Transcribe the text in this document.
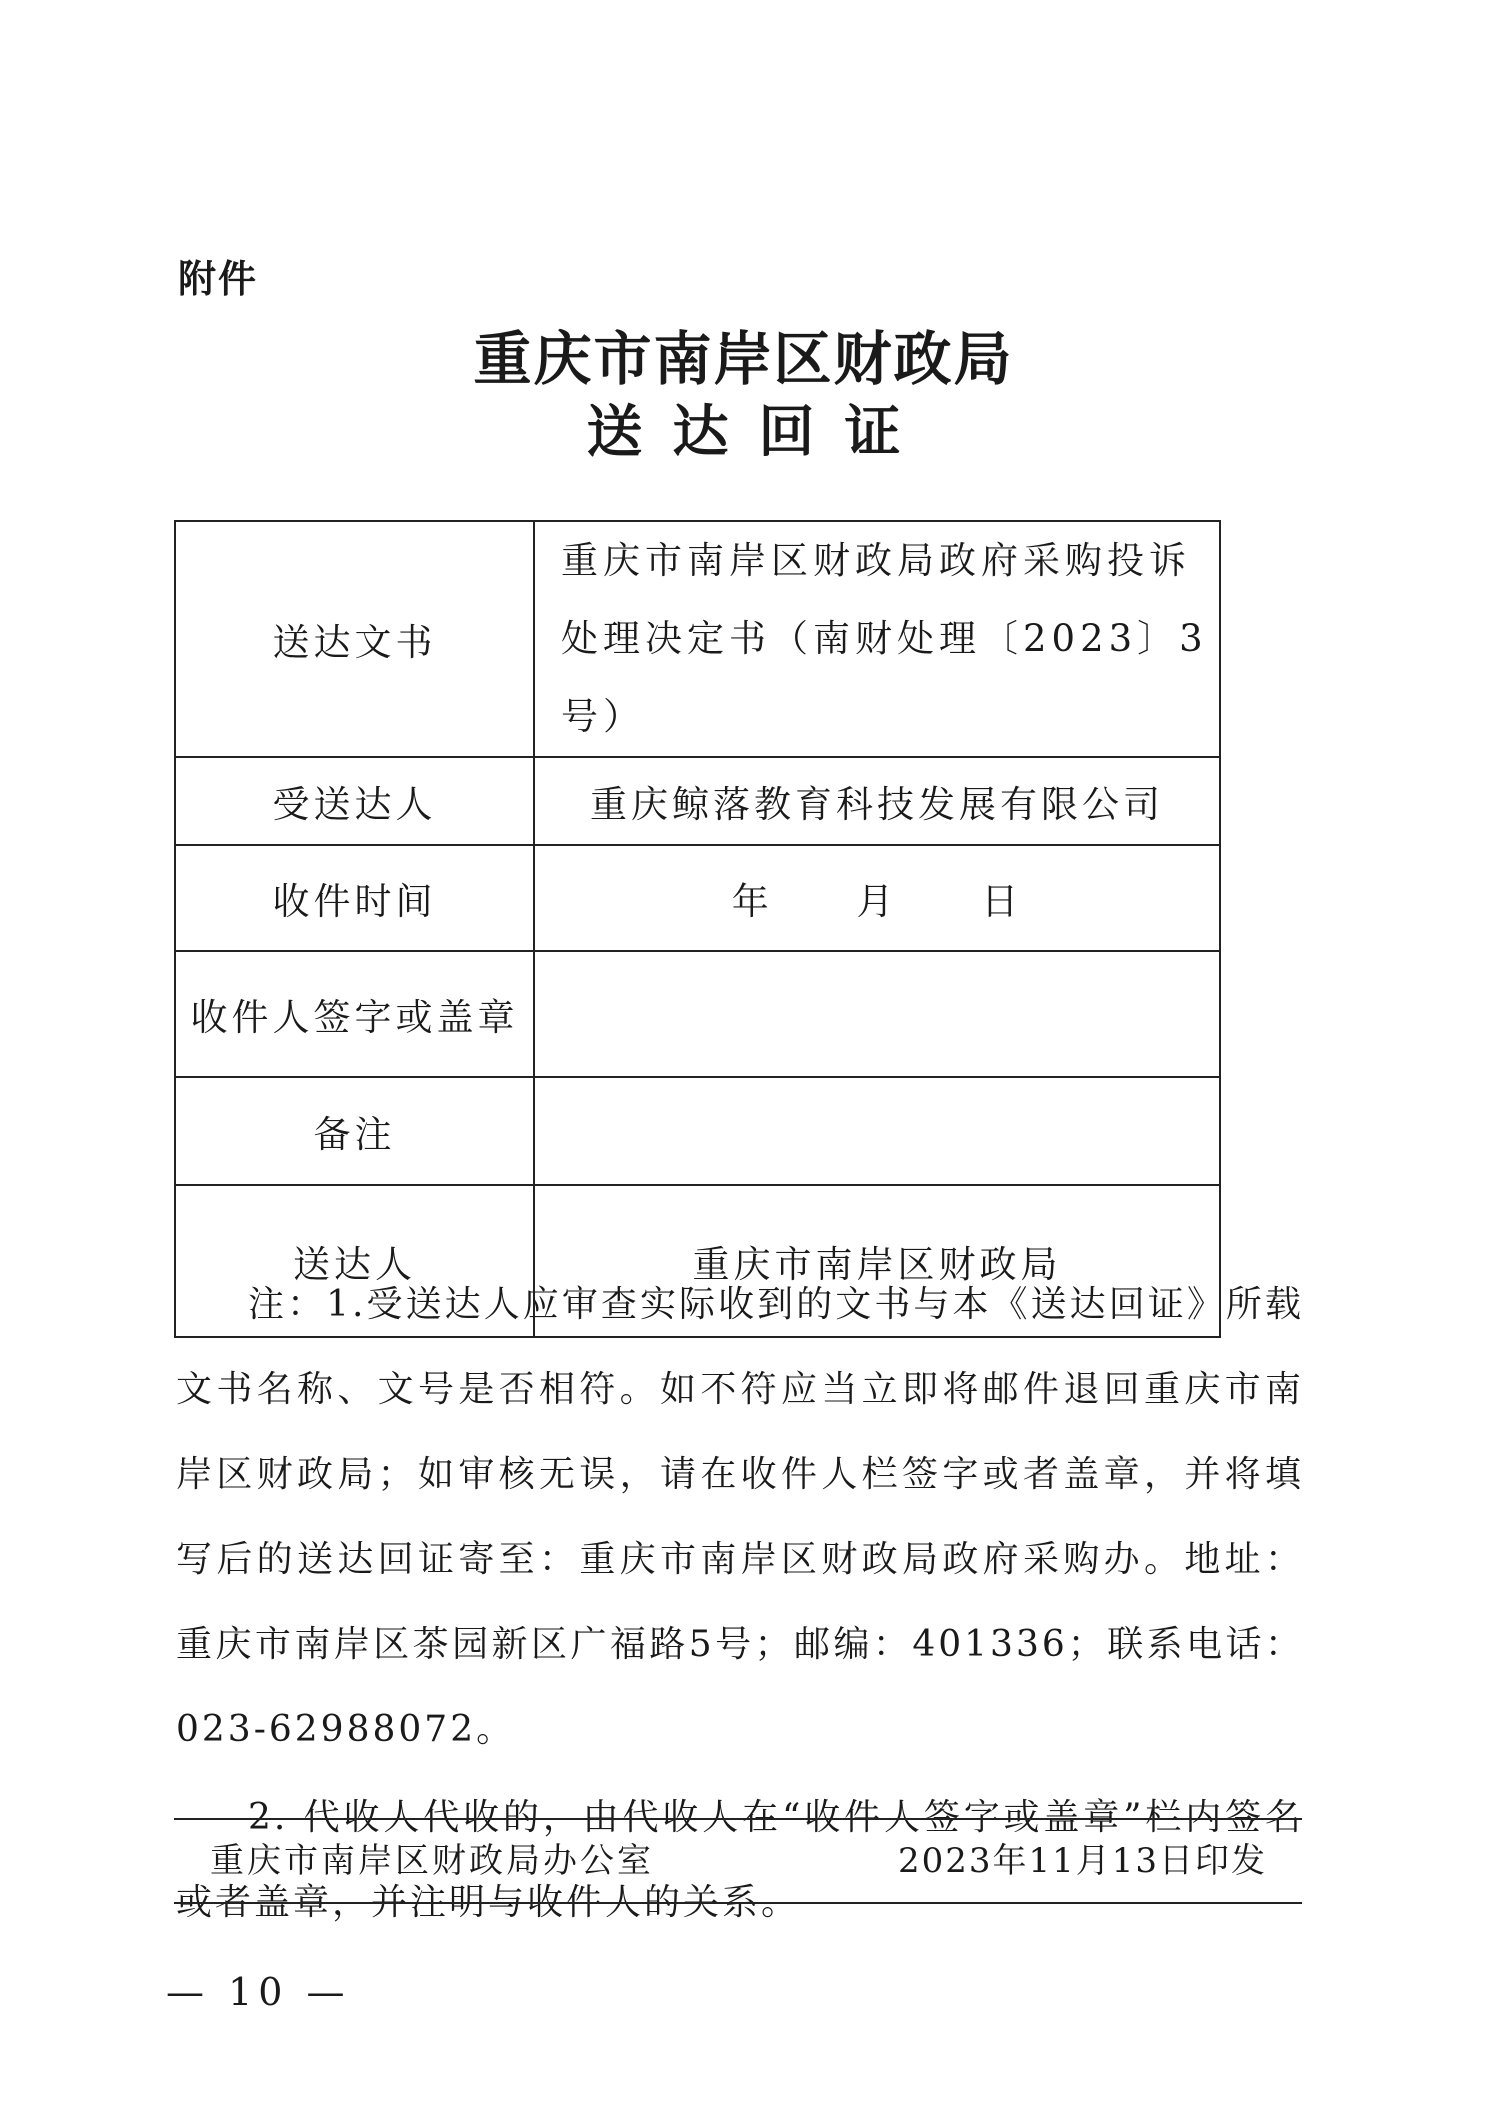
附件
重庆市南岸区财政局
送达回证
送达文书	重庆市南岸区财政局政府采购投诉处理决定书（南财处理〔2023〕3号）
受送达人	重庆鲸落教育科技发展有限公司
收件时间	年 月 日
收件人签字或盖章	
备注	
送达人	重庆市南岸区财政局

注：1.受送达人应审查实际收到的文书与本《送达回证》所载文书名称、文号是否相符。如不符应当立即将邮件退回重庆市南岸区财政局；如审核无误，请在收件人栏签字或者盖章，并将填写后的送达回证寄至：重庆市南岸区财政局政府采购办。地址：重庆市南岸区茶园新区广福路5号；邮编：401336；联系电话：023-62988072。

2. 代收人代收的，由代收人在“收件人签字或盖章”栏内签名或者盖章，并注明与收件人的关系。

重庆市南岸区财政局办公室	2023年11月13日印发
— 10 —
